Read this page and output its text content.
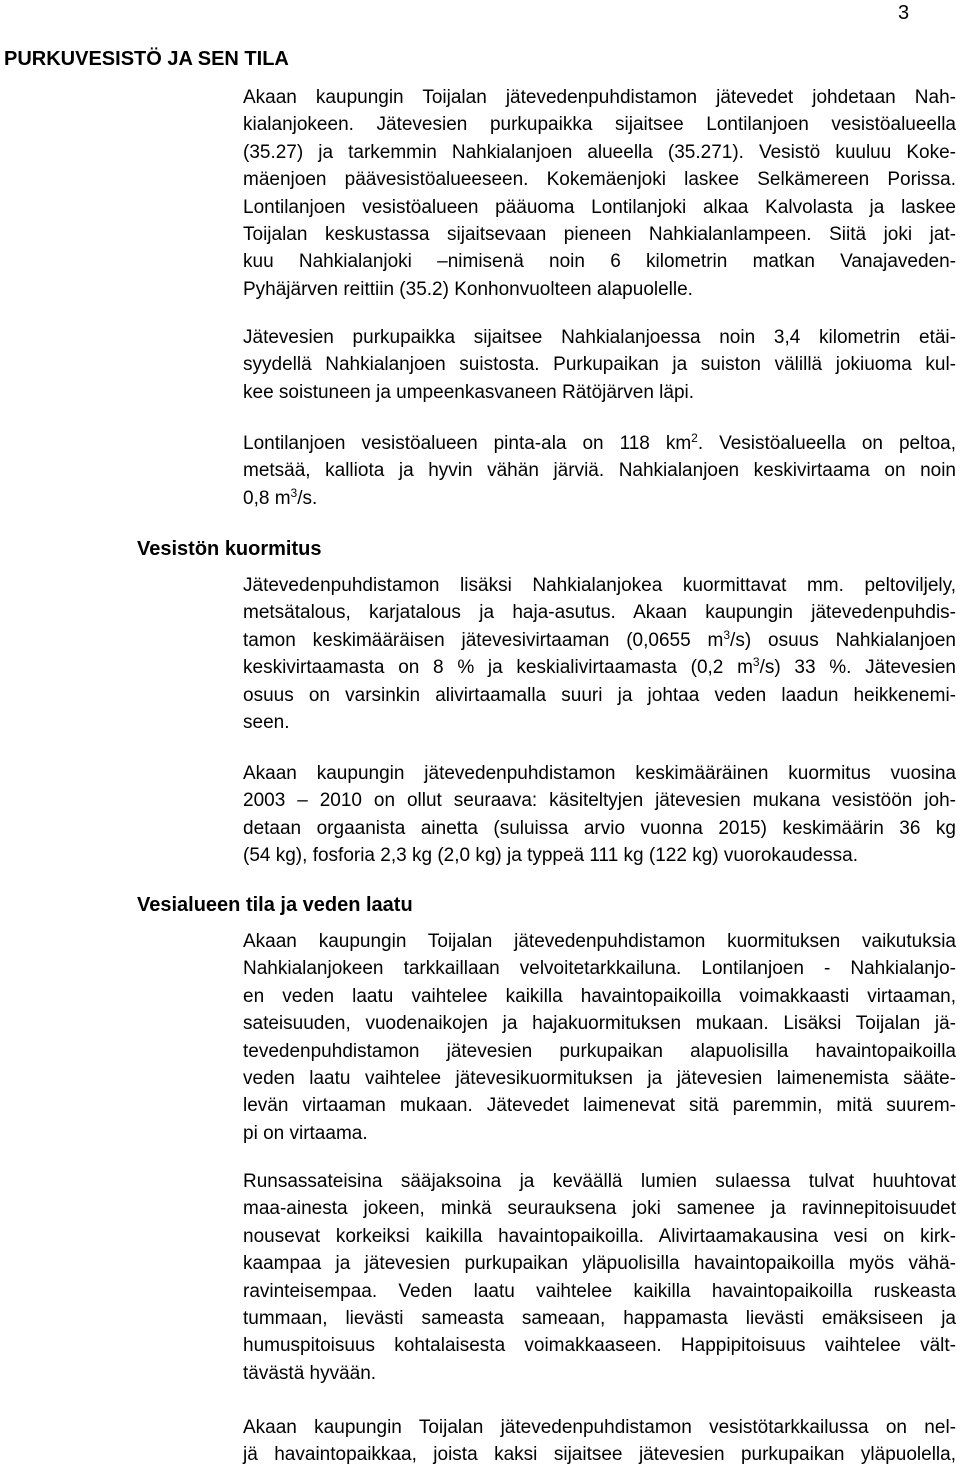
3
PURKUVESISTÖ JA SEN TILA

Akaan kaupungin Toijalan jätevedenpuhdistamon jätevedet johdetaan Nah-
kialanjokeen. Jätevesien purkupaikka sijaitsee Lontilanjoen vesistöalueella
(35.27) ja tarkemmin Nahkialanjoen alueella (35.271). Vesistö kuuluu Koke-
mäenjoen päävesistöalueeseen. Kokemäenjoki laskee Selkämereen Porissa.
Lontilanjoen vesistöalueen pääuoma Lontilanjoki alkaa Kalvolasta ja laskee
Toijalan keskustassa sijaitsevaan pieneen Nahkialanlampeen. Siitä joki jat-
kuu Nahkialanjoki –nimisenä noin 6 kilometrin matkan Vanajaveden-
Pyhäjärven reittiin (35.2) Konhonvuolteen alapuolelle.

Jätevesien purkupaikka sijaitsee Nahkialanjoessa noin 3,4 kilometrin etäi-
syydellä Nahkialanjoen suistosta. Purkupaikan ja suiston välillä jokiuoma kul-
kee soistuneen ja umpeenkasvaneen Rätöjärven läpi.

Lontilanjoen vesistöalueen pinta-ala on 118 $km^2$. Vesistöalueella on peltoa,
metsää, kalliota ja hyvin vähän järviä. Nahkialanjoen keskivirtaama on noin
0,8 $m^3/s$.

Vesistön kuormitus

Jätevedenpuhdistamon lisäksi Nahkialanjokea kuormittavat mm. peltoviljely,
metsätalous, karjatalous ja haja-asutus. Akaan kaupungin jätevedenpuhdis-
tamon keskimääräisen jätevesivirtaaman (0,0655 $m^3/s$) osuus Nahkialanjoen
keskivirtaamasta on 8 % ja keskialivirtaamasta (0,2 $m^3/s$) 33 %. Jätevesien
osuus on varsinkin alivirtaamalla suuri ja johtaa veden laadun heikkenemi-
seen.

Akaan kaupungin jätevedenpuhdistamon keskimääräinen kuormitus vuosina
2003 – 2010 on ollut seuraava: käsiteltyjen jätevesien mukana vesistöön joh-
detaan orgaanista ainetta (suluissa arvio vuonna 2015) keskimäärin 36 kg
(54 kg), fosforia 2,3 kg (2,0 kg) ja typpeä 111 kg (122 kg) vuorokaudessa.

Vesialueen tila ja veden laatu

Akaan kaupungin Toijalan jätevedenpuhdistamon kuormituksen vaikutuksia
Nahkialanjokeen tarkkaillaan velvoitetarkkailuna. Lontilanjoen - Nahkialanjo-
en veden laatu vaihtelee kaikilla havaintopaikoilla voimakkaasti virtaaman,
sateisuuden, vuodenaikojen ja hajakuormituksen mukaan. Lisäksi Toijalan jä-
tevedenpuhdistamon jätevesien purkupaikan alapuolisilla havaintopaikoilla
veden laatu vaihtelee jätevesikuormituksen ja jätevesien laimenemista sääte-
levän virtaaman mukaan. Jätevedet laimenevat sitä paremmin, mitä suurem-
pi on virtaama.

Runsassateisina sääjaksoina ja keväällä lumien sulaessa tulvat huuhtovat
maa-ainesta jokeen, minkä seurauksena joki samenee ja ravinnepitoisuudet
nousevat korkeiksi kaikilla havaintopaikoilla. Alivirtaamakausina vesi on kirk-
kaampaa ja jätevesien purkupaikan yläpuolisilla havaintopaikoilla myös vähä-
ravinteisempaa. Veden laatu vaihtelee kaikilla havaintopaikoilla ruskeasta
tummaan, lievästi sameasta sameaan, happamasta lievästi emäksiseen ja
humuspitoisuus kohtalaisesta voimakkaaseen. Happipitoisuus vaihtelee vält-
tävästä hyvään.

Akaan kaupungin Toijalan jätevedenpuhdistamon vesistötarkkailussa on nel-
jä havaintopaikkaa, joista kaksi sijaitsee jätevesien purkupaikan yläpuolella,
